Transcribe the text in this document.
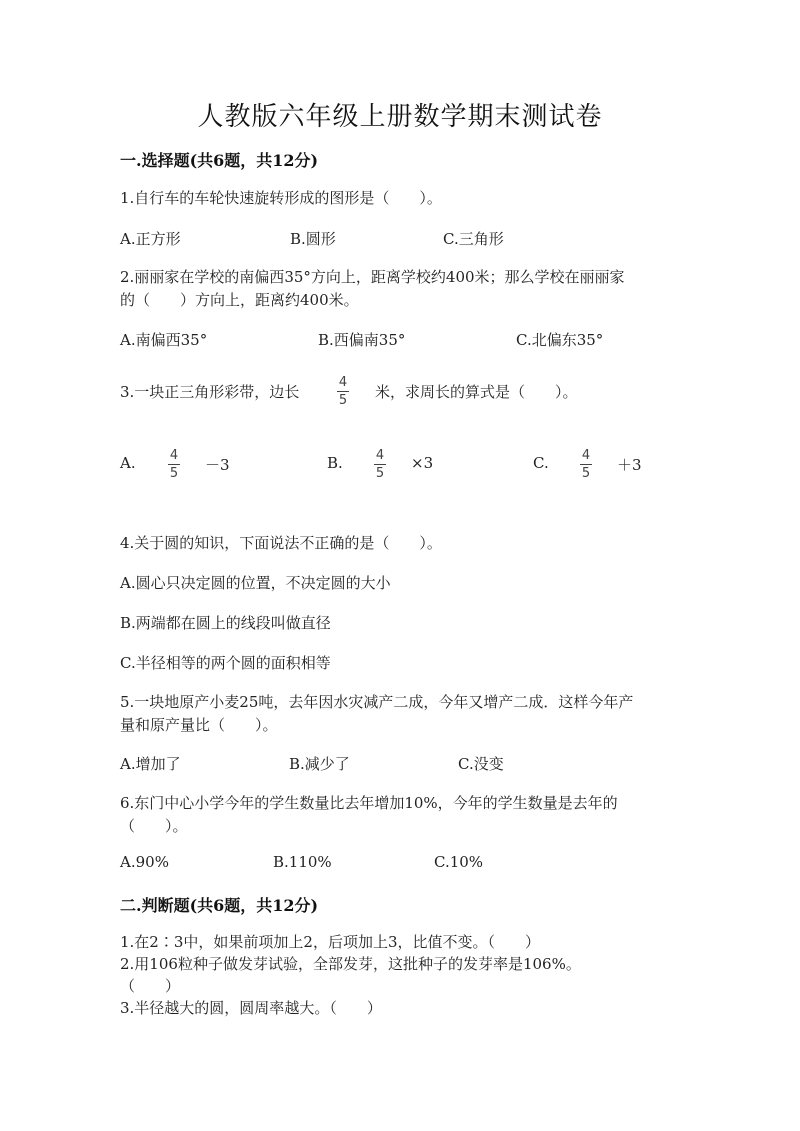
人教版六年级上册数学期末测试卷
一.选择题(共6题，共12分)
1.自行车的车轮快速旋转形成的图形是（　　）。
A.正方形	B.圆形	C.三角形
2.丽丽家在学校的南偏西35°方向上，距离学校约400米；那么学校在丽丽家
的（　　）方向上，距离约400米。
A.南偏西35°	B.西偏南35°	C.北偏东35°
3.一块正三角形彩带，边长
4
5 米，求周长的算式是（　　）。
A.	4
5 －3	B.	4
5
×3	C.	4
5 ＋3
4.关于圆的知识，下面说法不正确的是（　　）。
A.圆心只决定圆的位置，不决定圆的大小
B.两端都在圆上的线段叫做直径
C.半径相等的两个圆的面积相等
5.一块地原产小麦25吨，去年因水灾减产二成，今年又增产二成．这样今年产
量和原产量比（　　）。
A.增加了	B.减少了	C.没变
6.东门中心小学今年的学生数量比去年增加10%，今年的学生数量是去年的
（　　）。
A.90%	B.110%	C.10%
二.判断题(共6题，共12分)
1.在2∶3中，如果前项加上2，后项加上3，比值不变。（　　）
2.用106粒种子做发芽试验，全部发芽，这批种子的发芽率是106%。
（　　）
3.半径越大的圆，圆周率越大。（　　）
